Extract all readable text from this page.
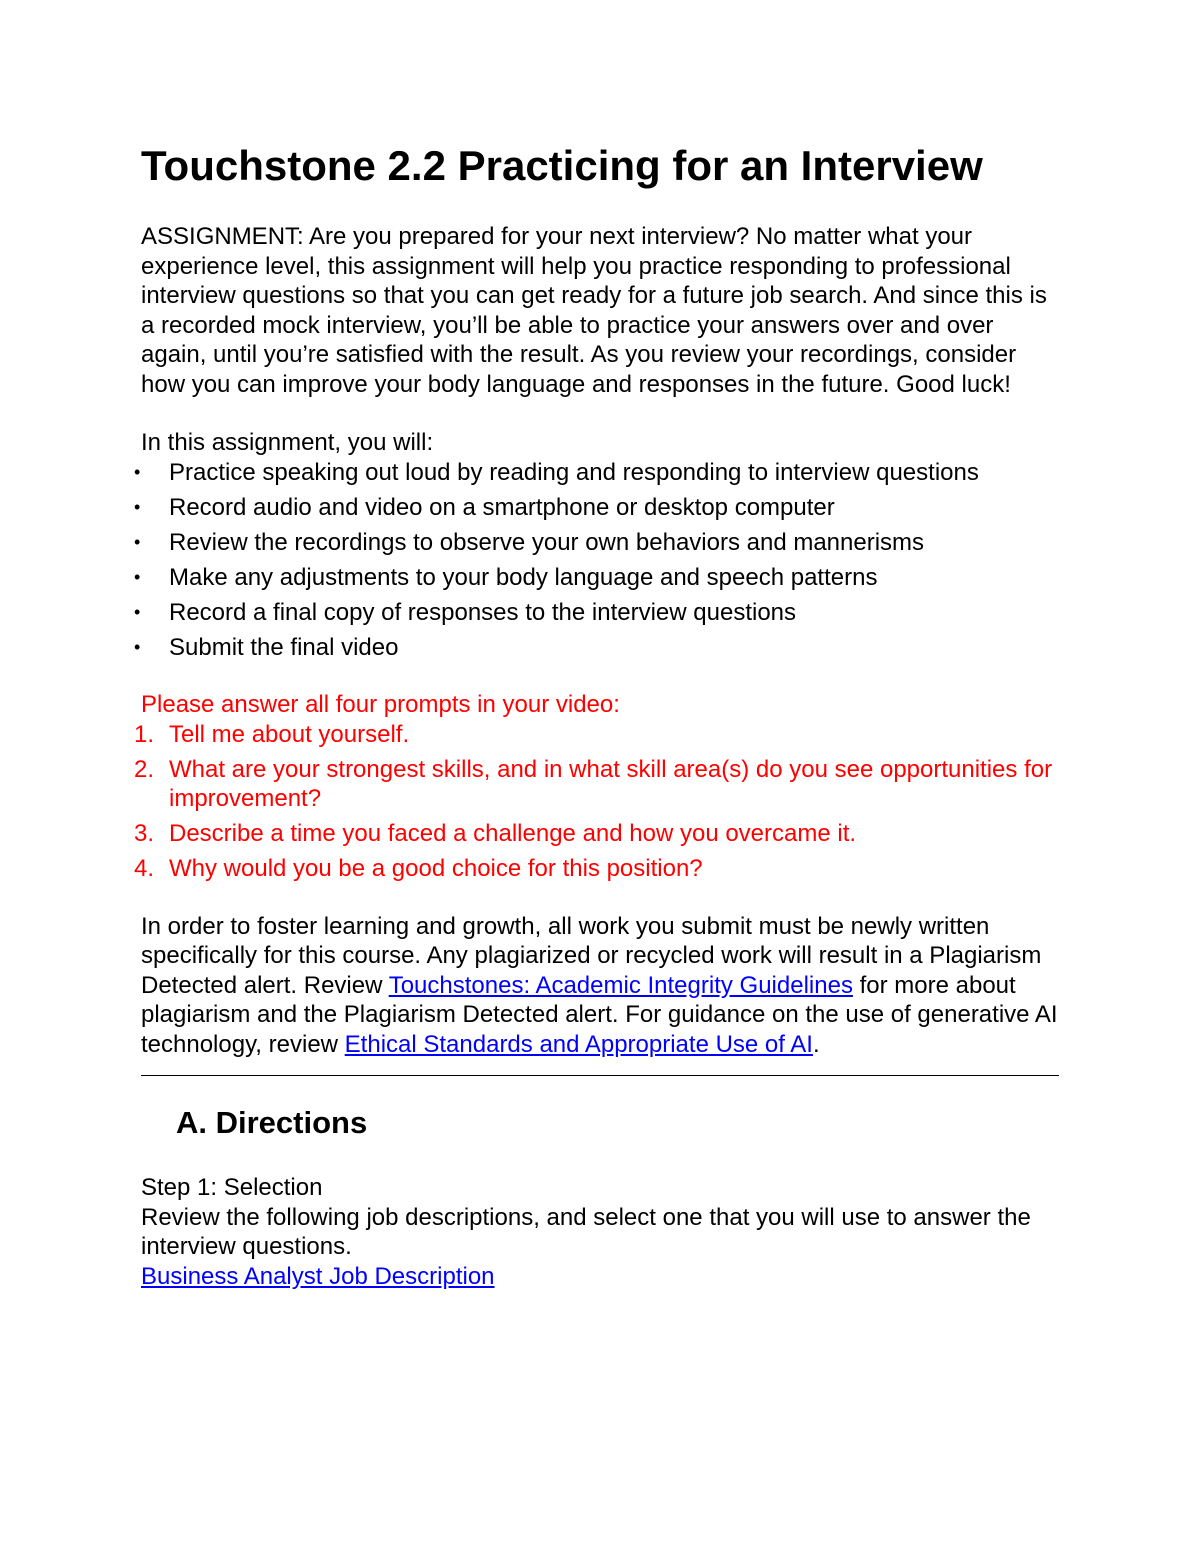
Touchstone 2.2 Practicing for an Interview

ASSIGNMENT: Are you prepared for your next interview? No matter what your experience level, this assignment will help you practice responding to professional interview questions so that you can get ready for a future job search. And since this is a recorded mock interview, you’ll be able to practice your answers over and over again, until you’re satisfied with the result. As you review your recordings, consider how you can improve your body language and responses in the future. Good luck!

In this assignment, you will:

• Practice speaking out loud by reading and responding to interview questions
• Record audio and video on a smartphone or desktop computer
• Review the recordings to observe your own behaviors and mannerisms
• Make any adjustments to your body language and speech patterns
• Record a final copy of responses to the interview questions
• Submit the final video

Please answer all four prompts in your video:

1. Tell me about yourself.
2. What are your strongest skills, and in what skill area(s) do you see opportunities for improvement?
3. Describe a time you faced a challenge and how you overcame it.
4. Why would you be a good choice for this position?

In order to foster learning and growth, all work you submit must be newly written specifically for this course. Any plagiarized or recycled work will result in a Plagiarism Detected alert. Review Touchstones: Academic Integrity Guidelines for more about plagiarism and the Plagiarism Detected alert. For guidance on the use of generative AI technology, review Ethical Standards and Appropriate Use of AI.

A. Directions

Step 1: Selection

Review the following job descriptions, and select one that you will use to answer the interview questions.

Business Analyst Job Description
